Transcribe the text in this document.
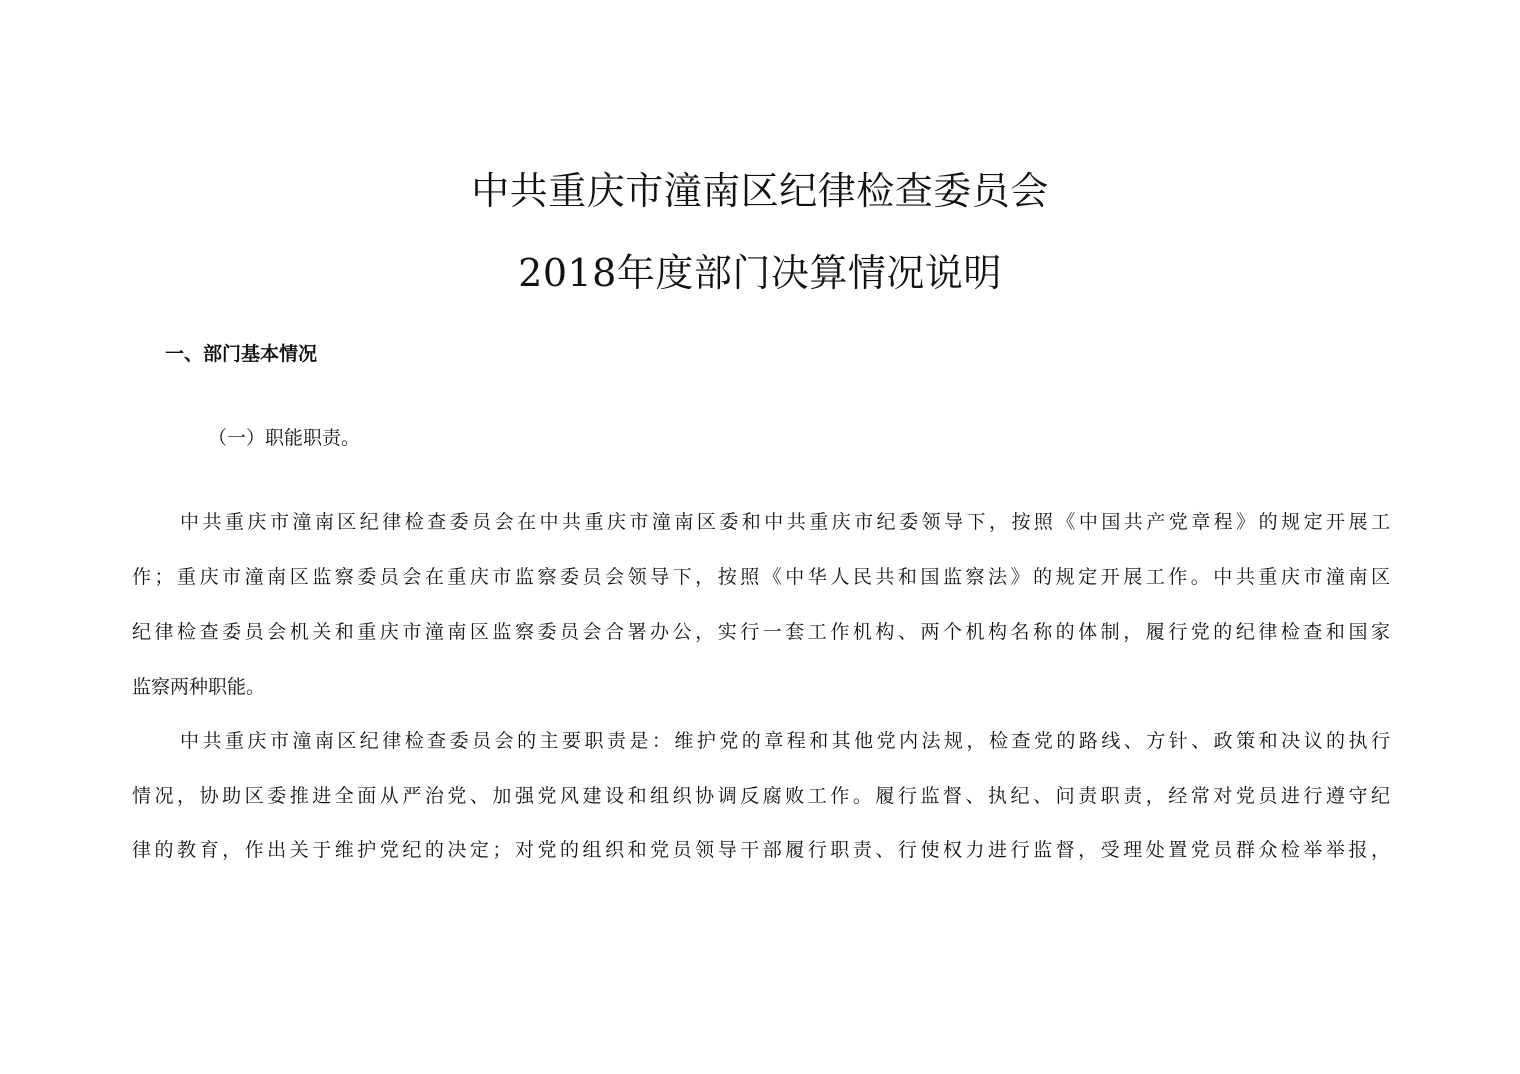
中共重庆市潼南区纪律检查委员会
2018年度部门决算情况说明
一、部门基本情况
（一）职能职责。
中共重庆市潼南区纪律检查委员会在中共重庆市潼南区委和中共重庆市纪委领导下，按照《中国共产党章程》的规定开展工
作；重庆市潼南区监察委员会在重庆市监察委员会领导下，按照《中华人民共和国监察法》的规定开展工作。中共重庆市潼南区
纪律检查委员会机关和重庆市潼南区监察委员会合署办公，实行一套工作机构、两个机构名称的体制，履行党的纪律检查和国家
监察两种职能。
中共重庆市潼南区纪律检查委员会的主要职责是：维护党的章程和其他党内法规，检查党的路线、方针、政策和决议的执行
情况，协助区委推进全面从严治党、加强党风建设和组织协调反腐败工作。履行监督、执纪、问责职责，经常对党员进行遵守纪
律的教育，作出关于维护党纪的决定；对党的组织和党员领导干部履行职责、行使权力进行监督，受理处置党员群众检举举报，
